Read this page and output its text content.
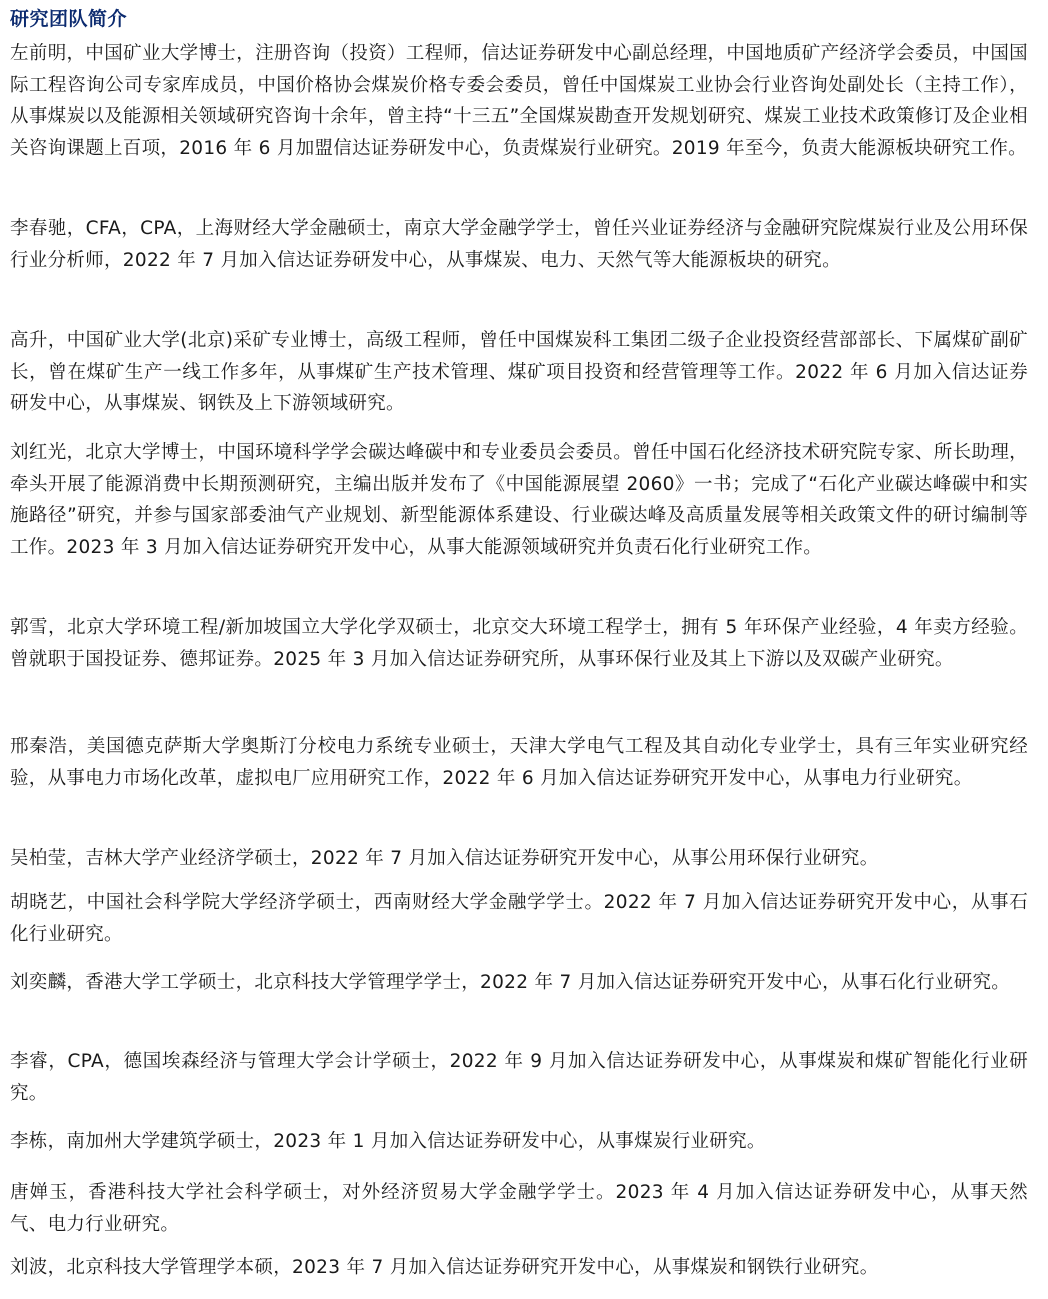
研究团队简介

左前明，中国矿业大学博士，注册咨询（投资）工程师，信达证券研发中心副总经理，中国地质矿产经济学会委员，中国国际工程咨询公司专家库成员，中国价格协会煤炭价格专委会委员，曾任中国煤炭工业协会行业咨询处副处长（主持工作），从事煤炭以及能源相关领域研究咨询十余年，曾主持“十三五”全国煤炭勘查开发规划研究、煤炭工业技术政策修订及企业相关咨询课题上百项，2016 年 6 月加盟信达证券研发中心，负责煤炭行业研究。2019 年至今，负责大能源板块研究工作。

李春驰，CFA，CPA，上海财经大学金融硕士，南京大学金融学学士，曾任兴业证券经济与金融研究院煤炭行业及公用环保行业分析师，2022 年 7 月加入信达证券研发中心，从事煤炭、电力、天然气等大能源板块的研究。

高升，中国矿业大学(北京)采矿专业博士，高级工程师，曾任中国煤炭科工集团二级子企业投资经营部部长、下属煤矿副矿长，曾在煤矿生产一线工作多年，从事煤矿生产技术管理、煤矿项目投资和经营管理等工作。2022 年 6 月加入信达证券研发中心，从事煤炭、钢铁及上下游领域研究。

刘红光，北京大学博士，中国环境科学学会碳达峰碳中和专业委员会委员。曾任中国石化经济技术研究院专家、所长助理，牵头开展了能源消费中长期预测研究，主编出版并发布了《中国能源展望 2060》一书；完成了“石化产业碳达峰碳中和实施路径”研究，并参与国家部委油气产业规划、新型能源体系建设、行业碳达峰及高质量发展等相关政策文件的研讨编制等工作。2023 年 3 月加入信达证券研究开发中心，从事大能源领域研究并负责石化行业研究工作。

郭雪，北京大学环境工程/新加坡国立大学化学双硕士，北京交大环境工程学士，拥有 5 年环保产业经验，4 年卖方经验。曾就职于国投证券、德邦证券。2025 年 3 月加入信达证券研究所，从事环保行业及其上下游以及双碳产业研究。

邢秦浩，美国德克萨斯大学奥斯汀分校电力系统专业硕士，天津大学电气工程及其自动化专业学士，具有三年实业研究经验，从事电力市场化改革，虚拟电厂应用研究工作，2022 年 6 月加入信达证券研究开发中心，从事电力行业研究。

吴柏莹，吉林大学产业经济学硕士，2022 年 7 月加入信达证券研究开发中心，从事公用环保行业研究。

胡晓艺，中国社会科学院大学经济学硕士，西南财经大学金融学学士。2022 年 7 月加入信达证券研究开发中心，从事石化行业研究。

刘奕麟，香港大学工学硕士，北京科技大学管理学学士，2022 年 7 月加入信达证券研究开发中心，从事石化行业研究。

李睿，CPA，德国埃森经济与管理大学会计学硕士，2022 年 9 月加入信达证券研发中心，从事煤炭和煤矿智能化行业研究。

李栋，南加州大学建筑学硕士，2023 年 1 月加入信达证券研发中心，从事煤炭行业研究。

唐婵玉，香港科技大学社会科学硕士，对外经济贸易大学金融学学士。2023 年 4 月加入信达证券研发中心，从事天然气、电力行业研究。

刘波，北京科技大学管理学本硕，2023 年 7 月加入信达证券研究开发中心，从事煤炭和钢铁行业研究。
